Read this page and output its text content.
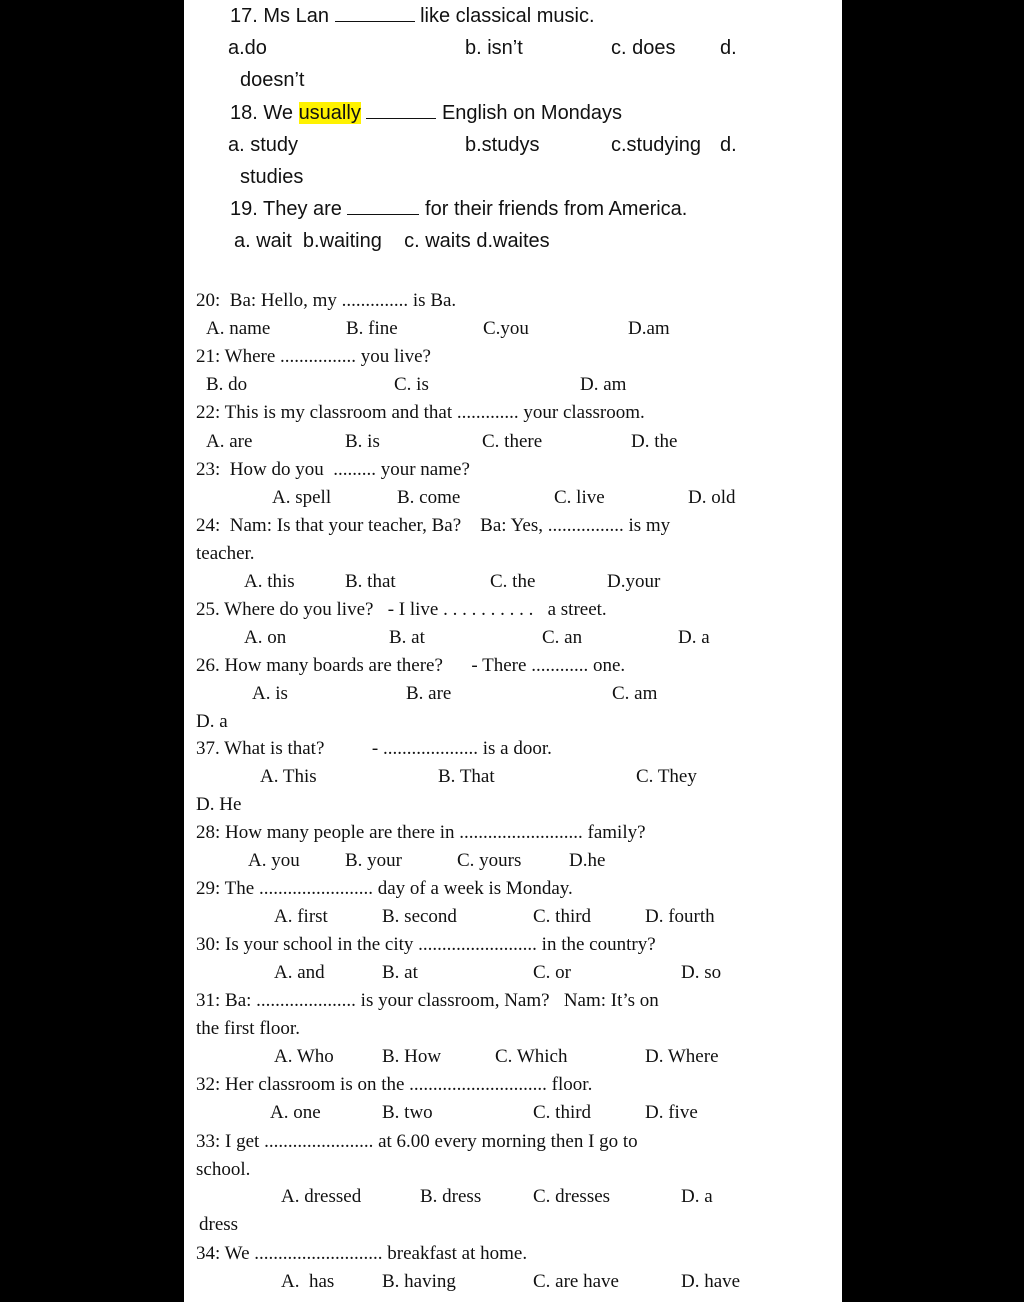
17. Ms Lan	like classical music.
a.do	b. isn’t	c. does d.
doesn’t
18. We usually	English on Mondays
a. study	b.studys	c.studying d.
studies
19. They are	for their friends from America.
a. wait  b.waiting    c. waits d.waites
20:  Ba: Hello, my .............. is Ba.
A. name	B. fine	C.you	D.am
21: Where ................ you live?
B. do	C. is	D. am
22: This is my classroom and that ............. your classroom.
A. are	B. is	C. there	D. the
23:  How do you  ......... your name?
A. spell	B. come	C. live	D. old
24:  Nam: Is that your teacher, Ba?    Ba: Yes, ................ is my
teacher.
A. this	B. that	C. the	D.your
25. Where do you live?   - I live . . . . . . . . . .   a street.
A. on	B. at	C. an	D. a
26. How many boards are there?      - There ............ one.
A. is	B. are	C. am
D. a
37. What is that?          - .................... is a door.
A. This	B. That	C. They
D. He
28: How many people are there in .......................... family?
A. you B. your	C. yours	D.he
29: The ........................ day of a week is Monday.
A. first	B. second	C. third	D. fourth
30: Is your school in the city ......................... in the country?
A. and	B. at	C. or	D. so
31: Ba: ..................... is your classroom, Nam?   Nam: It’s on
the first floor.
A. Who	B. How	C. Which	D. Where
32: Her classroom is on the ............................. floor.
A. one	B. two	C. third	D. five
33: I get ....................... at 6.00 every morning then I go to
school.
A. dressed	B. dress	C. dresses	D. a
dress
34: We ........................... breakfast at home.
A.  has	B. having	C. are have	D. have
